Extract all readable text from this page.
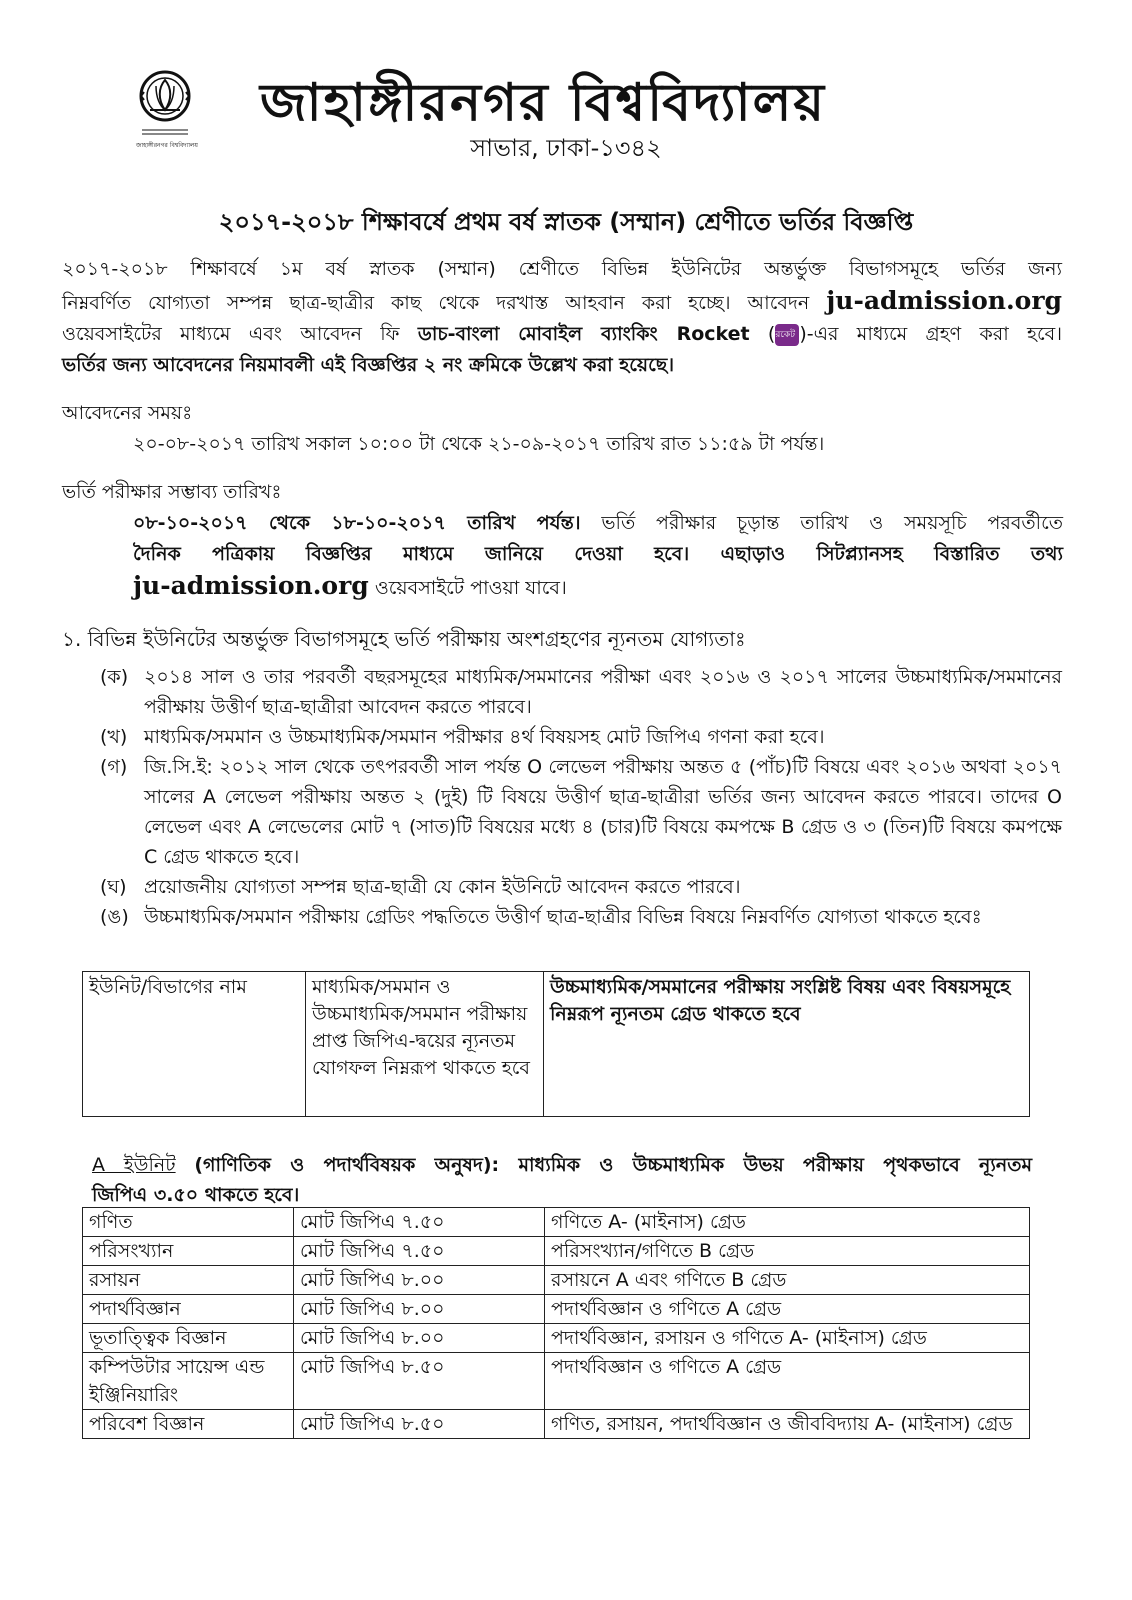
জাহাঙ্গীরনগর বিশ্ববিদ্যালয়
জাহাঙ্গীরনগর বিশ্ববিদ্যালয়
সাভার, ঢাকা-১৩৪২
২০১৭-২০১৮ শিক্ষাবর্ষে প্রথম বর্ষ স্নাতক (সম্মান) শ্রেণীতে ভর্তির বিজ্ঞপ্তি
২০১৭-২০১৮ শিক্ষাবর্ষে ১ম বর্ষ স্নাতক (সম্মান) শ্রেণীতে বিভিন্ন ইউনিটের অন্তর্ভুক্ত বিভাগসমূহে ভর্তির জন্য
নিম্নবর্ণিত যোগ্যতা সম্পন্ন ছাত্র-ছাত্রীর কাছ থেকে দরখাস্ত আহবান করা হচ্ছে। আবেদন ju-admission.org
ওয়েবসাইটের মাধ্যমে এবং আবেদন ফি ডাচ-বাংলা মোবাইল ব্যাংকিং Rocket (রকেট )-এর মাধ্যমে গ্রহণ করা হবে।
ভর্তির জন্য আবেদনের নিয়মাবলী এই বিজ্ঞপ্তির ২ নং ক্রমিকে উল্লেখ করা হয়েছে।
আবেদনের সময়ঃ
২০-০৮-২০১৭ তারিখ সকাল ১০:০০ টা থেকে ২১-০৯-২০১৭ তারিখ রাত ১১:৫৯ টা পর্যন্ত।
ভর্তি পরীক্ষার সম্ভাব্য তারিখঃ
০৮-১০-২০১৭ থেকে ১৮-১০-২০১৭ তারিখ পর্যন্ত। ভর্তি পরীক্ষার চূড়ান্ত তারিখ ও সময়সূচি পরবর্তীতে
দৈনিক পত্রিকায় বিজ্ঞপ্তির মাধ্যমে জানিয়ে দেওয়া হবে। এছাড়াও সিটপ্ল্যানসহ বিস্তারিত তথ্য
ju-admission.org ওয়েবসাইটে পাওয়া যাবে।
১. বিভিন্ন ইউনিটের অন্তর্ভুক্ত বিভাগসমূহে ভর্তি পরীক্ষায় অংশগ্রহণের ন্যূনতম যোগ্যতাঃ
(ক) ২০১৪ সাল ও তার পরবর্তী বছরসমূহের মাধ্যমিক/সমমানের পরীক্ষা এবং ২০১৬ ও ২০১৭ সালের উচ্চমাধ্যমিক/সমমানের পরীক্ষায় উত্তীর্ণ ছাত্র-ছাত্রীরা আবেদন করতে পারবে।
(খ) মাধ্যমিক/সমমান ও উচ্চমাধ্যমিক/সমমান পরীক্ষার ৪র্থ বিষয়সহ মোট জিপিএ গণনা করা হবে।
(গ) জি.সি.ই: ২০১২ সাল থেকে তৎপরবর্তী সাল পর্যন্ত O লেভেল পরীক্ষায় অন্তত ৫ (পাঁচ)টি বিষয়ে এবং ২০১৬ অথবা ২০১৭ সালের A লেভেল পরীক্ষায় অন্তত ২ (দুই) টি বিষয়ে উত্তীর্ণ ছাত্র-ছাত্রীরা ভর্তির জন্য আবেদন করতে পারবে। তাদের O লেভেল এবং A লেভেলের মোট ৭ (সাত)টি বিষয়ের মধ্যে ৪ (চার)টি বিষয়ে কমপক্ষে B গ্রেড ও ৩ (তিন)টি বিষয়ে কমপক্ষে C গ্রেড থাকতে হবে।
(ঘ) প্রয়োজনীয় যোগ্যতা সম্পন্ন ছাত্র-ছাত্রী যে কোন ইউনিটে আবেদন করতে পারবে।
(ঙ) উচ্চমাধ্যমিক/সমমান পরীক্ষায় গ্রেডিং পদ্ধতিতে উত্তীর্ণ ছাত্র-ছাত্রীর বিভিন্ন বিষয়ে নিম্নবর্ণিত যোগ্যতা থাকতে হবেঃ
ইউনিট/বিভাগের নাম	মাধ্যমিক/সমমান ও উচ্চমাধ্যমিক/সমমান পরীক্ষায় প্রাপ্ত জিপিএ-দ্বয়ের ন্যূনতম যোগফল নিম্নরূপ থাকতে হবে	উচ্চমাধ্যমিক/সমমানের পরীক্ষায় সংশ্লিষ্ট বিষয় এবং বিষয়সমূহে নিম্নরূপ ন্যূনতম গ্রেড থাকতে হবে
A ইউনিট (গাণিতিক ও পদার্থবিষয়ক অনুষদ): মাধ্যমিক ও উচ্চমাধ্যমিক উভয় পরীক্ষায় পৃথকভাবে ন্যূনতম
জিপিএ ৩.৫০ থাকতে হবে।
গণিত	মোট জিপিএ ৭.৫০	গণিতে A- (মাইনাস) গ্রেড
পরিসংখ্যান	মোট জিপিএ ৭.৫০	পরিসংখ্যান/গণিতে B গ্রেড
রসায়ন	মোট জিপিএ ৮.০০	রসায়নে A এবং গণিতে B গ্রেড
পদার্থবিজ্ঞান	মোট জিপিএ ৮.০০	পদার্থবিজ্ঞান ও গণিতে A গ্রেড
ভূতাত্ত্বিক বিজ্ঞান	মোট জিপিএ ৮.০০	পদার্থবিজ্ঞান, রসায়ন ও গণিতে A- (মাইনাস) গ্রেড
কম্পিউটার সায়েন্স এন্ড ইঞ্জিনিয়ারিং	মোট জিপিএ ৮.৫০	পদার্থবিজ্ঞান ও গণিতে A গ্রেড
পরিবেশ বিজ্ঞান	মোট জিপিএ ৮.৫০	গণিত, রসায়ন, পদার্থবিজ্ঞান ও জীববিদ্যায় A- (মাইনাস) গ্রেড
